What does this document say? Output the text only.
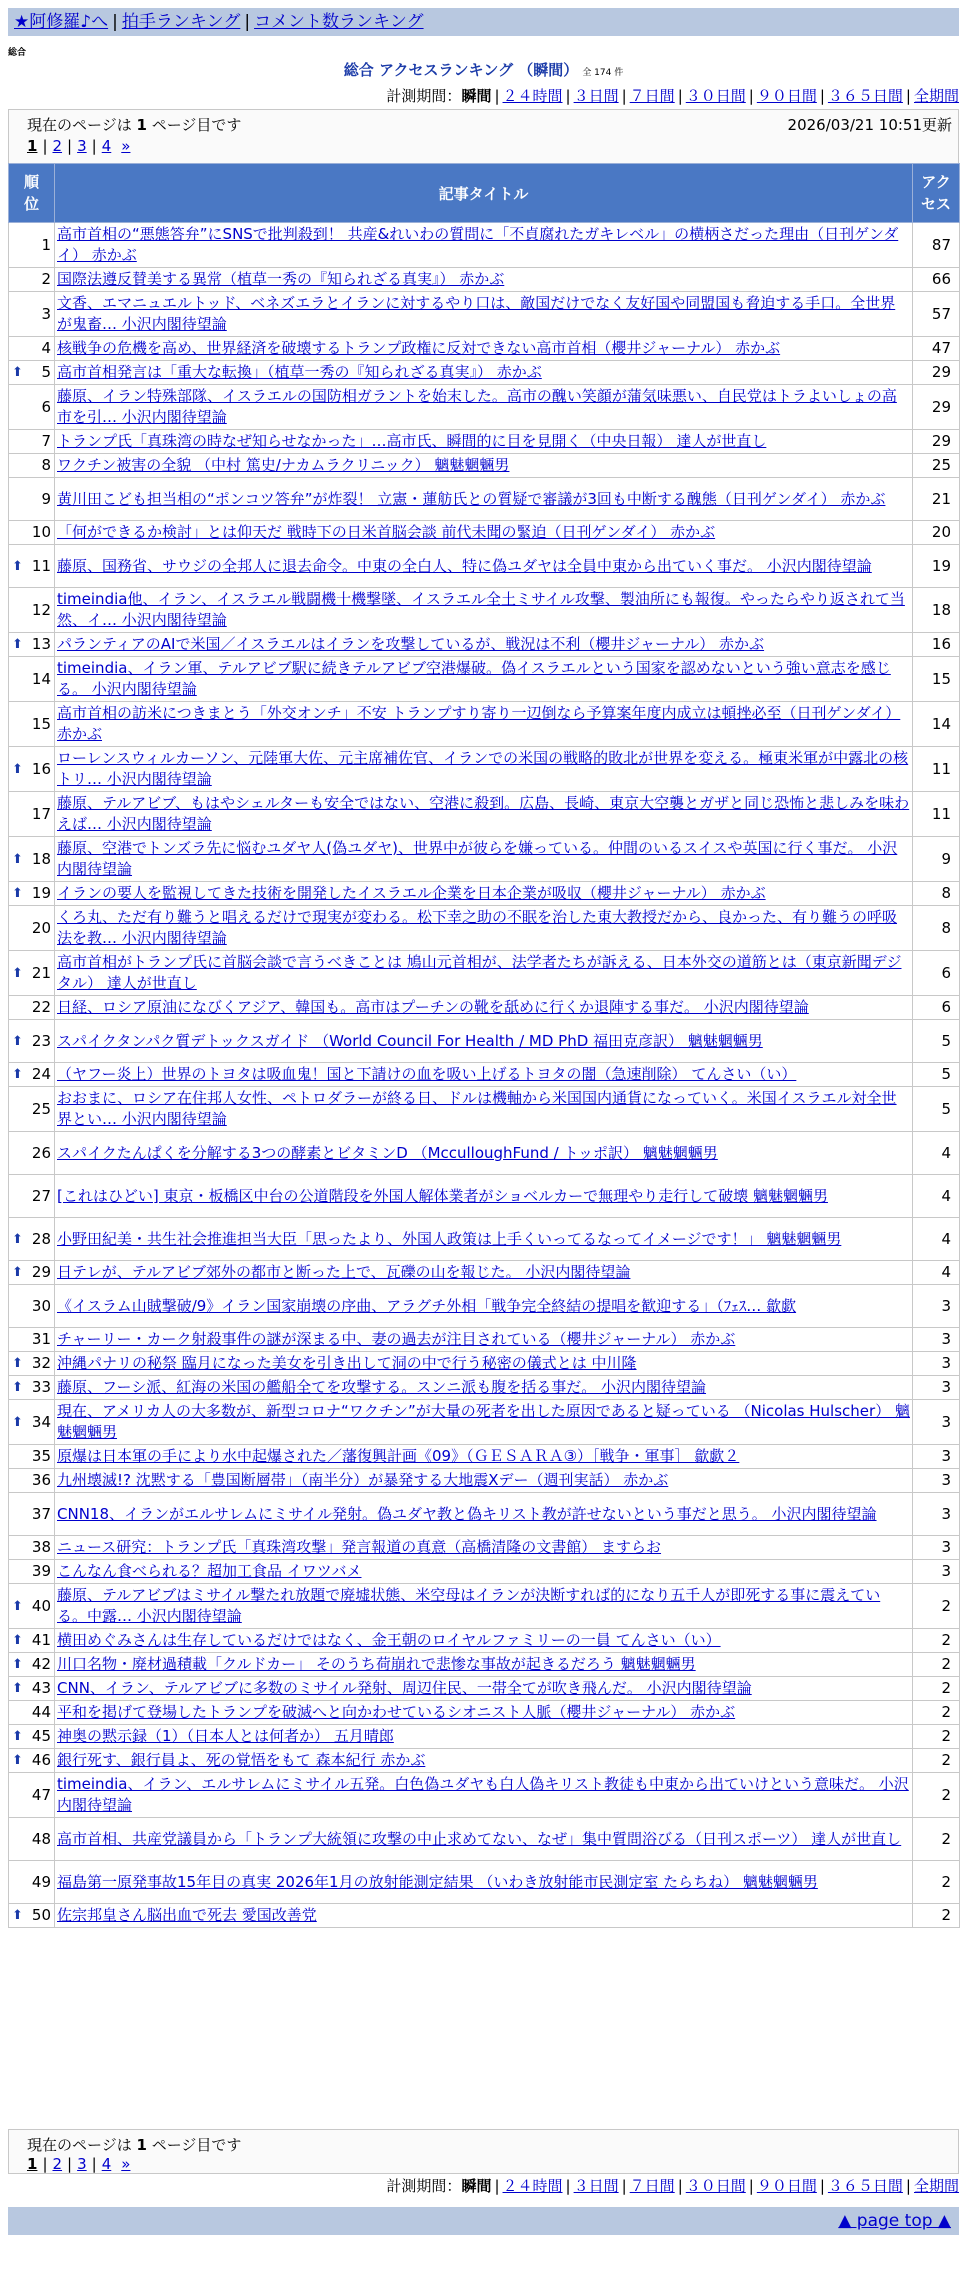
★阿修羅♪へ | 拍手ランキング | コメント数ランキング
総合
総合 アクセスランキング （瞬間） 全 174 件
計測期間：瞬間 | ２４時間 | ３日間 | ７日間 | ３０日間 | ９０日間 | ３６５日間 | 全期間
現在のページは 1 ページ目です	2026/03/21 10:51更新
1 | 2 | 3 | 4 »
順位	記事タイトル	アクセス
1	高市首相の“悪態答弁”にSNSで批判殺到！ 共産&れいわの質問に「不貞腐れたガキレベル」の横柄さだった理由（日刊ゲンダイ） 赤かぶ	87
2	国際法遵反賛美する異常（植草一秀の『知られざる真実』） 赤かぶ	66
3	文香、エマニュエルトッド、ベネズエラとイランに対するやり口は、敵国だけでなく友好国や同盟国も脅迫する手口。全世界が鬼畜… 小沢内閣待望論	57
4	核戦争の危機を高め、世界経済を破壊するトランプ政権に反対できない高市首相（櫻井ジャーナル） 赤かぶ	47

⬆ 5	高市首相発言は「重大な転換」（植草一秀の『知られざる真実』） 赤かぶ	29
6	藤原、イラン特殊部隊、イスラエルの国防相ガラントを始末した。高市の醜い笑顔が蒲気味悪い、自民党はトラよいしょの高市を引… 小沢内閣待望論	29
7	トランプ氏「真珠湾の時なぜ知らせなかった」…高市氏、瞬間的に目を見開く（中央日報） 達人が世直し	29
8	ワクチン被害の全貌 （中村 篤史/ナカムラクリニック） 魑魅魍魎男	25
9	黄川田こども担当相の“ポンコツ答弁”が炸裂！ 立憲・蓮舫氏との質疑で審議が3回も中断する醜態（日刊ゲンダイ） 赤かぶ	21
10	「何ができるか検討」とは仰天だ 戦時下の日米首脳会談 前代未聞の緊迫（日刊ゲンダイ） 赤かぶ	20

⬆ 11	藤原、国務省、サウジの全邦人に退去命令。中東の全白人、特に偽ユダヤは全員中東から出ていく事だ。 小沢内閣待望論	19
12	timeindia他、イラン、イスラエル戦闘機十機撃墜、イスラエル全土ミサイル攻撃、製油所にも報復。やったらやり返されて当然、イ… 小沢内閣待望論	18

⬆ 13	パランティアのAIで米国／イスラエルはイランを攻撃しているが、戦況は不利（櫻井ジャーナル） 赤かぶ	16
14	timeindia、イラン軍、テルアビブ駅に続きテルアビブ空港爆破。偽イスラエルという国家を認めないという強い意志を感じる。 小沢内閣待望論	15
15	高市首相の訪米につきまとう「外交オンチ」不安 トランプすり寄り一辺倒なら予算案年度内成立は頓挫必至（日刊ゲンダイ） 赤かぶ	14

⬆ 16	ローレンスウィルカーソン、元陸軍大佐、元主席補佐官、イランでの米国の戦略的敗北が世界を変える。極東米軍が中露北の核トリ… 小沢内閣待望論	11
17	藤原、テルアビブ、もはやシェルターも安全ではない、空港に殺到。広島、長崎、東京大空襲とガザと同じ恐怖と悲しみを味わえば… 小沢内閣待望論	11

⬆ 18	藤原、空港でトンズラ先に悩むユダヤ人(偽ユダヤ)、世界中が彼らを嫌っている。仲間のいるスイスや英国に行く事だ。 小沢内閣待望論	9

⬆ 19	イランの要人を監視してきた技術を開発したイスラエル企業を日本企業が吸収（櫻井ジャーナル） 赤かぶ	8
20	くろ丸、ただ有り難うと唱えるだけで現実が変わる。松下幸之助の不眠を治した東大教授だから、良かった、有り難うの呼吸法を教… 小沢内閣待望論	8

⬆ 21	高市首相がトランプ氏に首脳会談で言うべきことは 鳩山元首相が、法学者たちが訴える、日本外交の道筋とは（東京新聞デジタル） 達人が世直し	6
22	日経、ロシア原油になびくアジア、韓国も。高市はプーチンの靴を舐めに行くか退陣する事だ。 小沢内閣待望論	6

⬆ 23	スパイクタンパク質デトックスガイド （World Council For Health / MD PhD 福田克彦訳） 魑魅魍魎男	5

⬆ 24	（ヤフー炎上）世界のトヨタは吸血鬼！国と下請けの血を吸い上げるトヨタの闇（急速削除） てんさい（い）	5
25	おおまに、ロシア在住邦人女性、ペトロダラーが終る日、ドルは機軸から米国国内通貨になっていく。米国イスラエル対全世界とい… 小沢内閣待望論	5
26	スパイクたんぱくを分解する3つの酵素とビタミンD （McculloughFund / トッポ訳） 魑魅魍魎男	4
27	[これはひどい] 東京・板橋区中台の公道階段を外国人解体業者がショベルカーで無理やり走行して破壊 魑魅魍魎男	4

⬆ 28	小野田紀美・共生社会推進担当大臣「思ったより、外国人政策は上手くいってるなってイメージです！」 魑魅魍魎男	4

⬆ 29	日テレが、テルアビブ郊外の都市と断った上で、瓦礫の山を報じた。 小沢内閣待望論	4
30	《イスラム山賊撃破/9》イラン国家崩壊の序曲、アラグチ外相「戦争完全終結の提唱を歓迎する」（ﾌｪｽ… 歙歔	3
31	チャーリー・カーク射殺事件の謎が深まる中、妻の過去が注目されている（櫻井ジャーナル） 赤かぶ	3

⬆ 32	沖縄パナリの秘祭 臨月になった美女を引き出して洞の中で行う秘密の儀式とは 中川隆	3

⬆ 33	藤原、フーシ派、紅海の米国の艦船全てを攻撃する。スンニ派も腹を括る事だ。 小沢内閣待望論	3

⬆ 34	現在、アメリカ人の大多数が、新型コロナ“ワクチン”が大量の死者を出した原因であると疑っている （Nicolas Hulscher） 魑魅魍魎男	3
35	原爆は日本軍の手により水中起爆された／藩復興計画《09》（ＧＥＳＡＲＡ③）［戦争・軍事］ 歙歔２	3
36	九州壊滅!? 沈黙する「豊国断層帯」（南半分）が暴発する大地震Xデー（週刊実話） 赤かぶ	3
37	CNN18、イランがエルサレムにミサイル発射。偽ユダヤ教と偽キリスト教が許せないという事だと思う。 小沢内閣待望論	3
38	ニュース研究：トランプ氏「真珠湾攻撃」発言報道の真意（高橋清隆の文書館） ますらお	3
39	こんなん食べられる？超加工食品 イワツバメ	3

⬆ 40	藤原、テルアビブはミサイル撃たれ放題で廃墟状態、米空母はイランが決断すれば的になり五千人が即死する事に震えている。中露… 小沢内閣待望論	2

⬆ 41	横田めぐみさんは生存しているだけではなく、金王朝のロイヤルファミリーの一員 てんさい（い）	2

⬆ 42	川口名物・廃材過積載「クルドカー」 そのうち荷崩れで悲惨な事故が起きるだろう 魑魅魍魎男	2

⬆ 43	CNN、イラン、テルアビブに多数のミサイル発射、周辺住民、一帯全てが吹き飛んだ。 小沢内閣待望論	2
44	平和を掲げて登場したトランプを破滅へと向かわせているシオニスト人脈（櫻井ジャーナル） 赤かぶ	2

⬆ 45	神奥の黙示録（1）（日本人とは何者か） 五月晴郎	2

⬆ 46	銀行死す、銀行員よ、死の覚悟をもて 森本紀行 赤かぶ	2
47	timeindia、イラン、エルサレムにミサイル五発。白色偽ユダヤも白人偽キリスト教徒も中東から出ていけという意味だ。 小沢内閣待望論	2
48	高市首相、共産党議員から「トランプ大統領に攻撃の中止求めてない、なぜ」集中質問浴びる（日刊スポーツ） 達人が世直し	2
49	福島第一原発事故15年目の真実 2026年1月の放射能測定結果 （いわき放射能市民測定室 たらちね） 魑魅魍魎男	2

⬆ 50	佐宗邦皇さん脳出血で死去 愛国改善党	2
現在のページは 1 ページ目です
1 | 2 | 3 | 4 »
計測期間：瞬間 | ２４時間 | ３日間 | ７日間 | ３０日間 | ９０日間 | ３６５日間 | 全期間
▲ page top ▲
